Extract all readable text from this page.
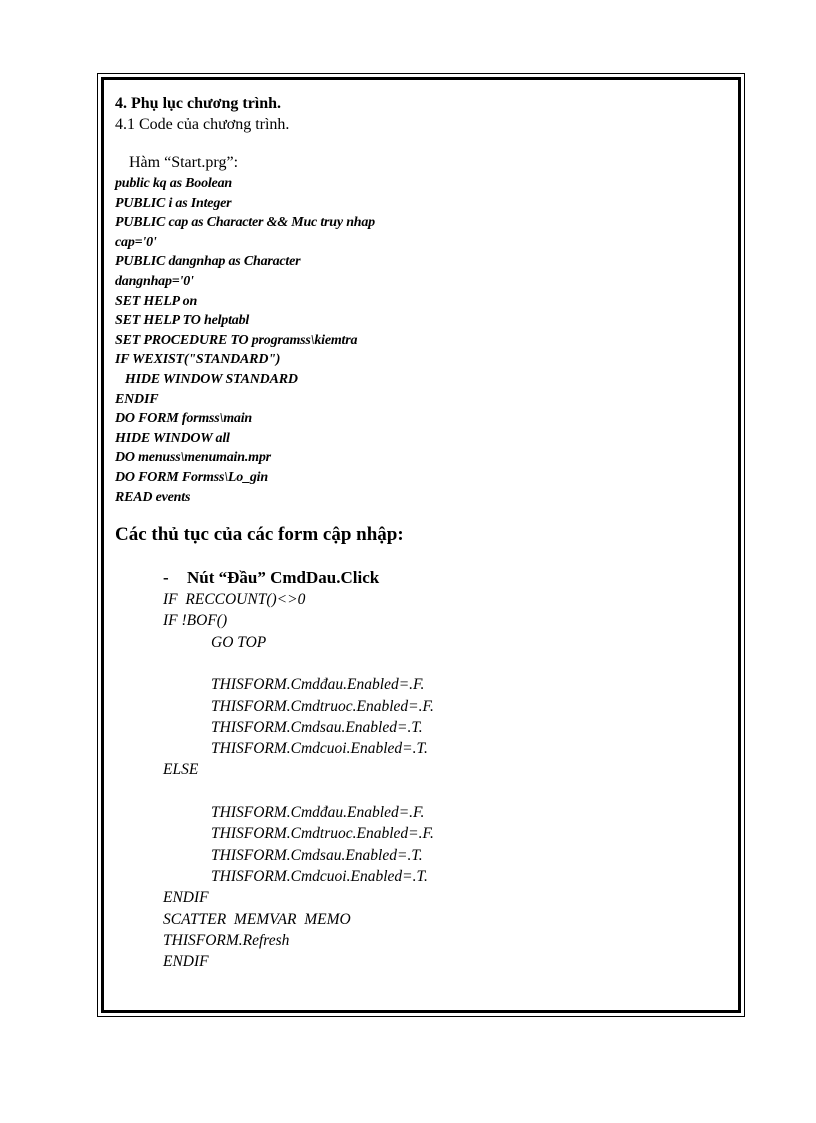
4. Phụ lục chương trình.
4.1 Code của chương trình.
Hàm “Start.prg”:
public kq as Boolean
PUBLIC i as Integer
PUBLIC cap as Character && Muc truy nhap
cap='0'
PUBLIC dangnhap as Character
dangnhap='0'
SET HELP on
SET HELP TO helptabl
SET PROCEDURE TO programss\kiemtra
IF WEXIST("STANDARD")
HIDE WINDOW STANDARD
ENDIF
DO FORM formss\main
HIDE WINDOW all
DO menuss\menumain.mpr
DO FORM Formss\Lo_gin
READ events
Các thủ tục của các form cập nhập:
-	Nút “Đầu” CmdDau.Click
IF  RECCOUNT()<>0
IF !BOF()
GO TOP
THISFORM.Cmdđau.Enabled=.F.
THISFORM.Cmdtruoc.Enabled=.F.
THISFORM.Cmdsau.Enabled=.T.
THISFORM.Cmdcuoi.Enabled=.T.
ELSE
THISFORM.Cmdđau.Enabled=.F.
THISFORM.Cmdtruoc.Enabled=.F.
THISFORM.Cmdsau.Enabled=.T.
THISFORM.Cmdcuoi.Enabled=.T.
ENDIF
SCATTER  MEMVAR  MEMO
THISFORM.Refresh
ENDIF
